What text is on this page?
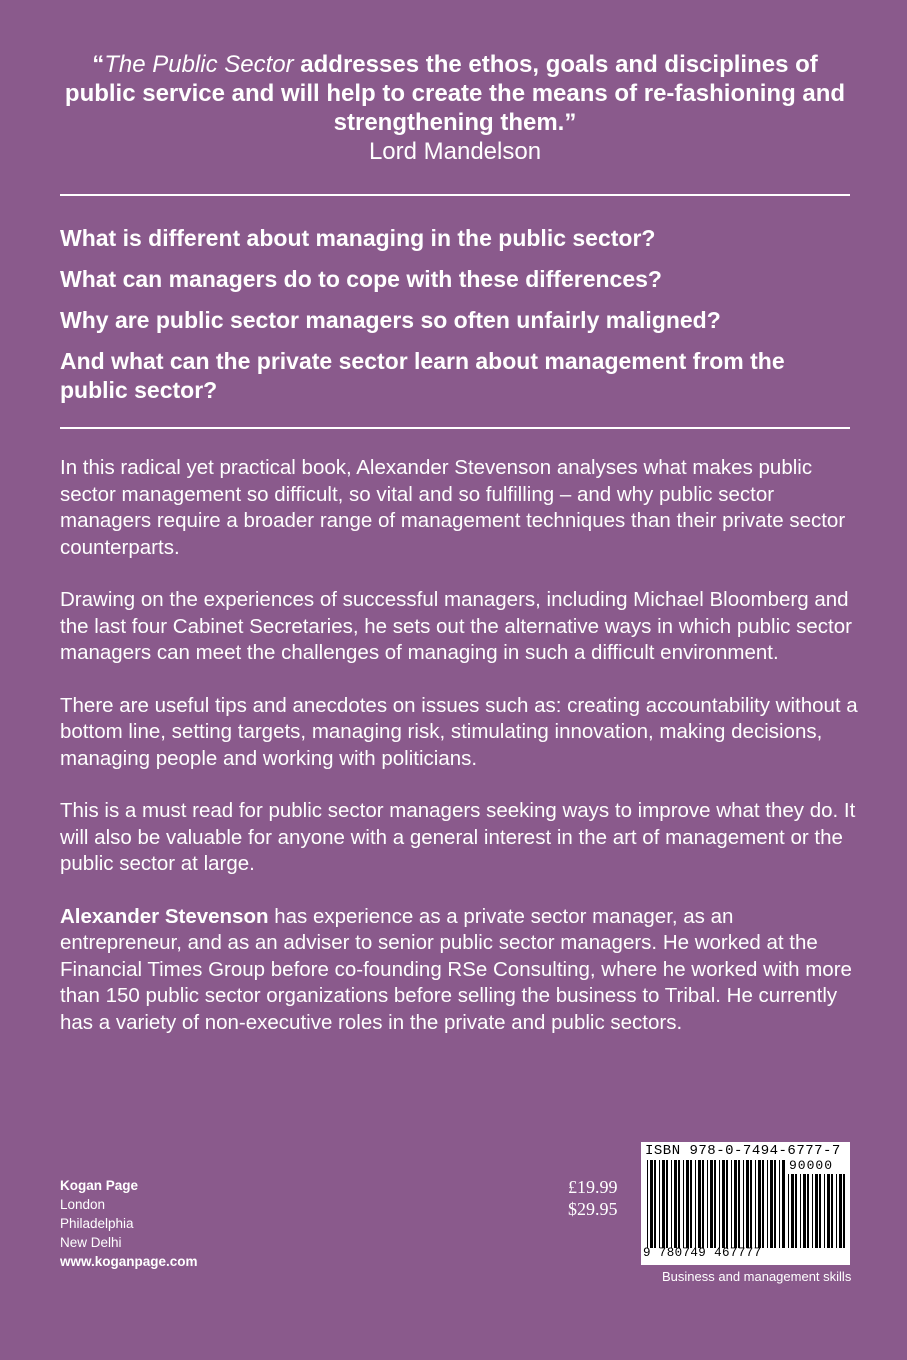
“The Public Sector addresses the ethos, goals and disciplines of public service and will help to create the means of re-fashioning and strengthening them.”
Lord Mandelson

What is different about managing in the public sector?

What can managers do to cope with these differences?

Why are public sector managers so often unfairly maligned?

And what can the private sector learn about management from the public sector?

In this radical yet practical book, Alexander Stevenson analyses what makes public sector management so difficult, so vital and so fulfilling – and why public sector managers require a broader range of management techniques than their private sector counterparts.

Drawing on the experiences of successful managers, including Michael Bloomberg and the last four Cabinet Secretaries, he sets out the alternative ways in which public sector managers can meet the challenges of managing in such a difficult environment.

There are useful tips and anecdotes on issues such as: creating accountability without a bottom line, setting targets, managing risk, stimulating innovation, making decisions, managing people and working with politicians.

This is a must read for public sector managers seeking ways to improve what they do. It will also be valuable for anyone with a general interest in the art of management or the public sector at large.

Alexander Stevenson has experience as a private sector manager, as an entrepreneur, and as an adviser to senior public sector managers. He worked at the Financial Times Group before co-founding RSe Consulting, where he worked with more than 150 public sector organizations before selling the business to Tribal. He currently has a variety of non-executive roles in the private and public sectors.

Kogan Page
London
Philadelphia
New Delhi
www.koganpage.com
£19.99
$29.95
ISBN 978-0-7494-6777-7
90000
9 780749 467777
Business and management skills
